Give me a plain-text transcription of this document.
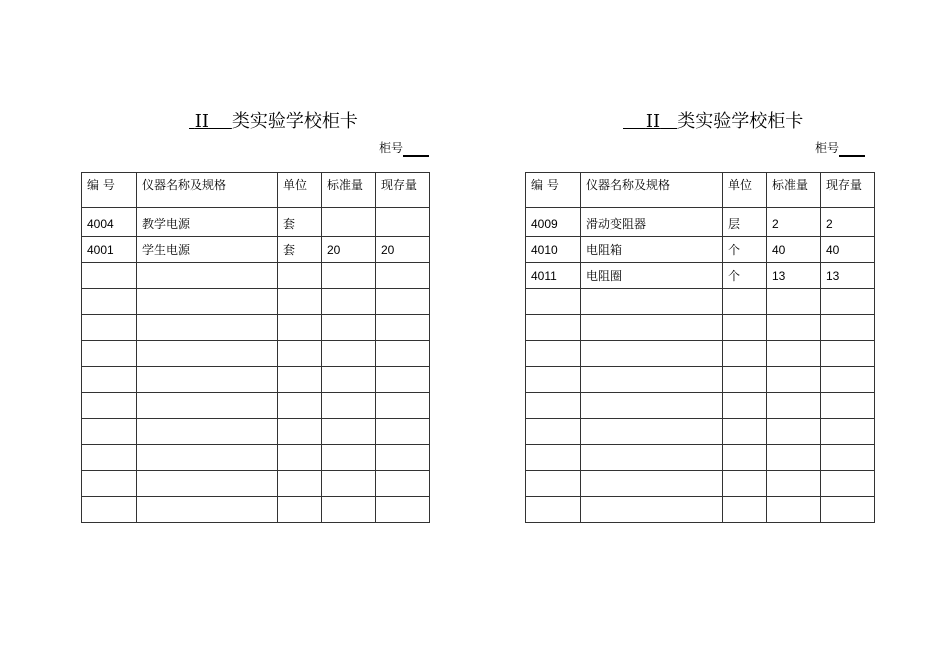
II 类实验学校柜卡
柜号
编 号	仪器名称及规格	单位	标准量	现存量
4004	教学电源	套		
4001	学生电源	套	20	20

II 类实验学校柜卡
柜号
编 号	仪器名称及规格	单位	标准量	现存量
4009	滑动变阻器	层	2	2
4010	电阻箱	个	40	40
4011	电阻圈	个	13	13
